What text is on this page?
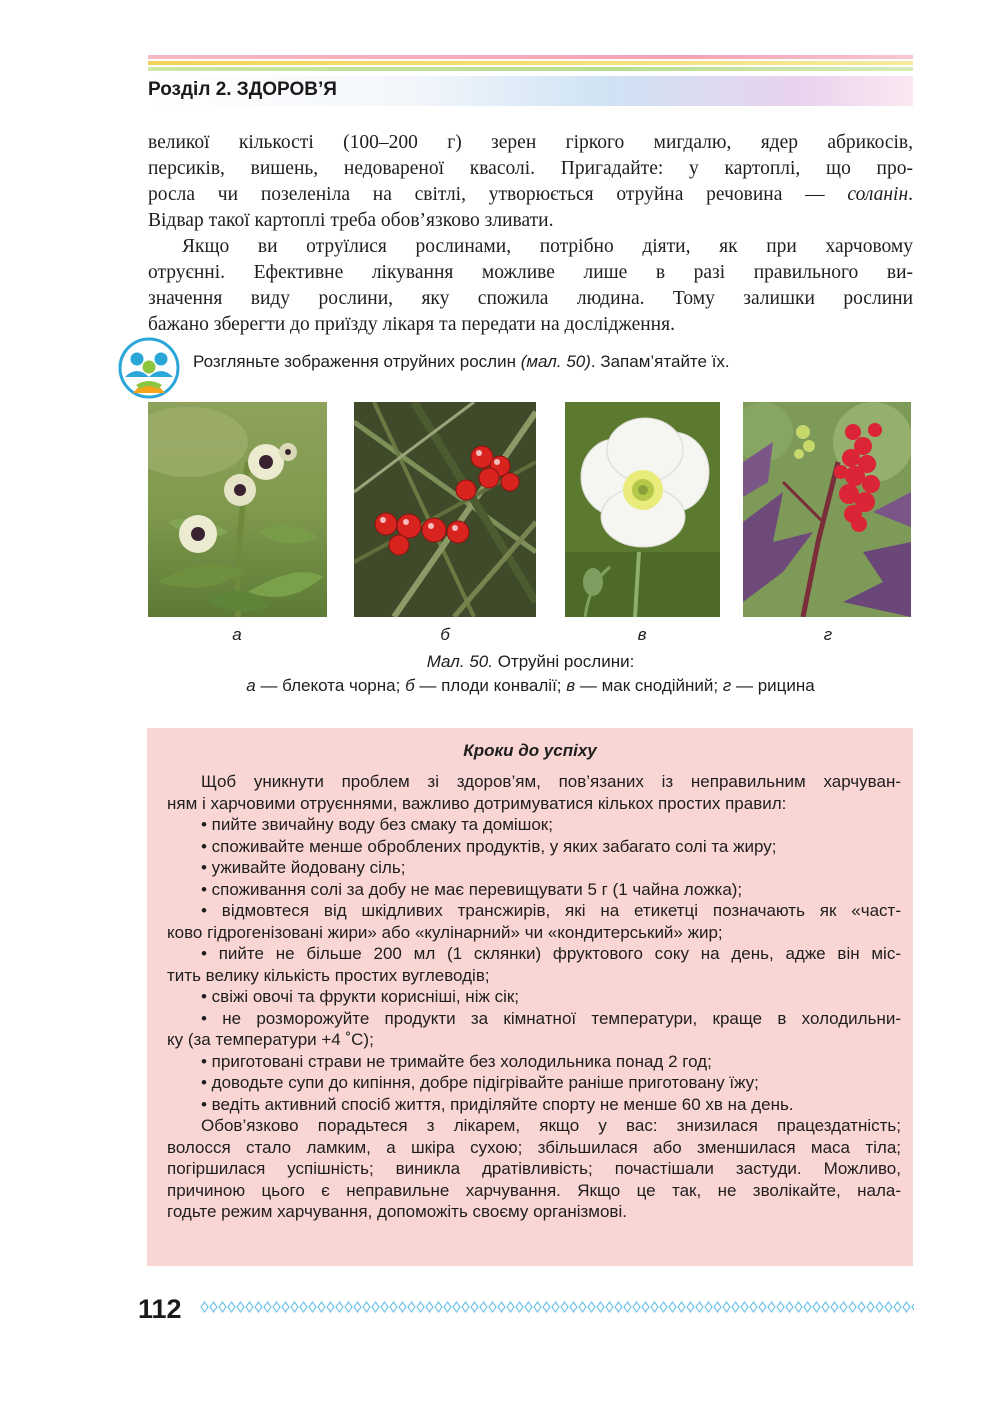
Розділ 2. ЗДОРОВ’Я
великої кількості (100–200 г) зерен гіркого мигдалю, ядер абрикосів,
персиків, вишень, недовареної квасолі. Пригадайте: у картоплі, що про-
росла чи позеленіла на світлі, утворюється отруйна речовина — соланін.
Відвар такої картоплі треба обов’язково зливати.
Якщо ви отруїлися рослинами, потрібно діяти, як при харчовому
отруєнні. Ефективне лікування можливе лише в разі правильного ви-
значення виду рослини, яку спожила людина. Тому залишки рослини
бажано зберегти до приїзду лікаря та передати на дослідження.
Розгляньте зображення отруйних рослин (мал. 50). Запам’ятайте їх.
а	б	в	г
Мал. 50. Отруйні рослини:
а — блекота чорна; б — плоди конвалії; в — мак снодійний; г — рицина
Кроки до успіху
Щоб уникнути проблем зі здоров’ям, пов’язаних із неправильним харчуван-
ням і харчовими отруєннями, важливо дотримуватися кількох простих правил:
• пийте звичайну воду без смаку та домішок;
• споживайте менше оброблених продуктів, у яких забагато солі та жиру;
• уживайте йодовану сіль;
• споживання солі за добу не має перевищувати 5 г (1 чайна ложка);
• відмовтеся від шкідливих трансжирів, які на етикетці позначають як «част-
ково гідрогенізовані жири» або «кулінарний» чи «кондитерський» жир;
• пийте не більше 200 мл (1 склянки) фруктового соку на день, адже він міс-
тить велику кількість простих вуглеводів;
• свіжі овочі та фрукти корисніші, ніж сік;
• не розморожуйте продукти за кімнатної температури, краще в холодильни-
ку (за температури +4 ˚С);
• приготовані страви не тримайте без холодильника понад 2 год;
• доводьте супи до кипіння, добре підігрівайте раніше приготовану їжу;
• ведіть активний спосіб життя, приділяйте спорту не менше 60 хв на день.
Обов’язково порадьтеся з лікарем, якщо у вас: знизилася працездатність;
волосся стало ламким, а шкіра сухою; збільшилася або зменшилася маса тіла;
погіршилася успішність; виникла дратівливість; почастішали застуди. Можливо,
причиною цього є неправильне харчування. Якщо це так, не зволікайте, нала-
годьте режим харчування, допоможіть своєму організмові.
112
